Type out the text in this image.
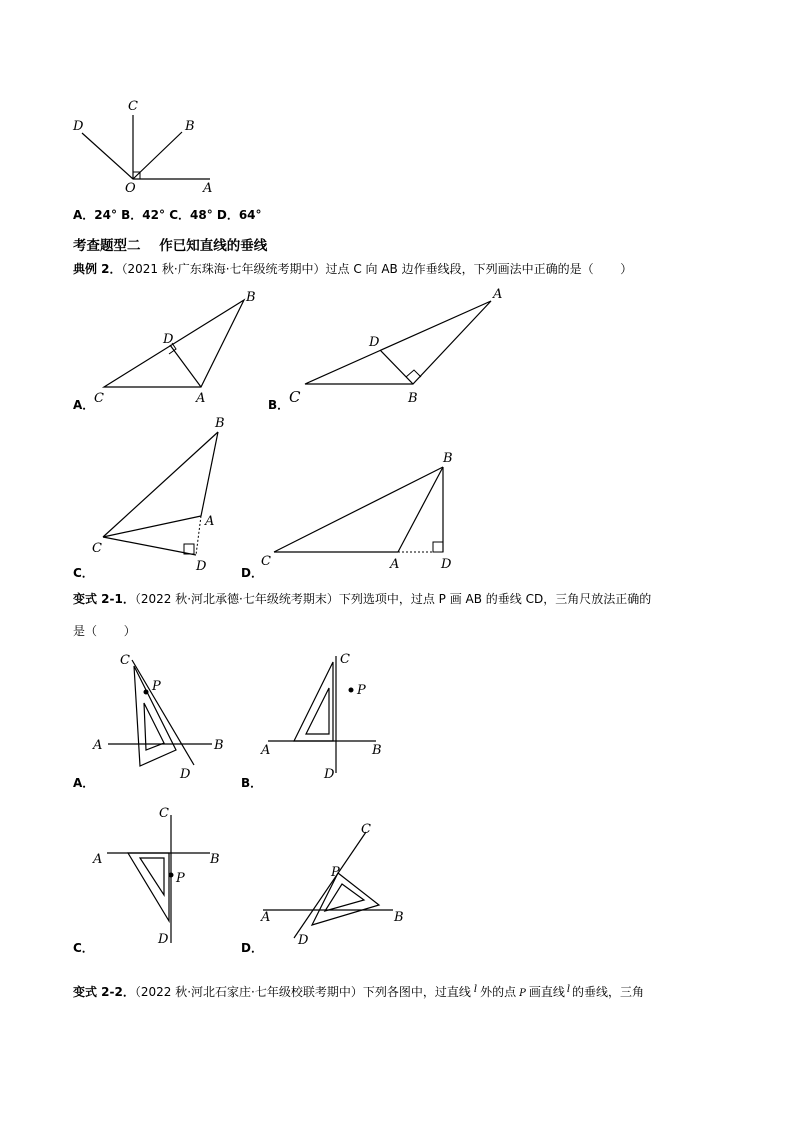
D
C
B
O	A
A．24° B．42° C．48° D．64°
考查题型二    作已知直线的垂线
典例 2．（2021 秋·广东珠海·七年级统考期中）过点 C 向 AB 边作垂线段，下列画法中正确的是（       ）
B
D
C	A
A．
A
D
C	B
B．
B
A
C
D
C．
B
C	A	D
D．
变式 2-1．（2022 秋·河北承德·七年级统考期末）下列选项中，过点 P 画 AB 的垂线 CD，三角尺放法正确的
是（       ）
C
P
A	B
D
A．
C
P
A	B
D
B．
C
A	B
P
D
C．
C
P
A	B
D
D．
变式 2-2．（2022 秋·河北石家庄·七年级校联考期中）下列各图中，过直线 $^l$ 外的点 P 画直线 $^l$ 的垂线，三角
